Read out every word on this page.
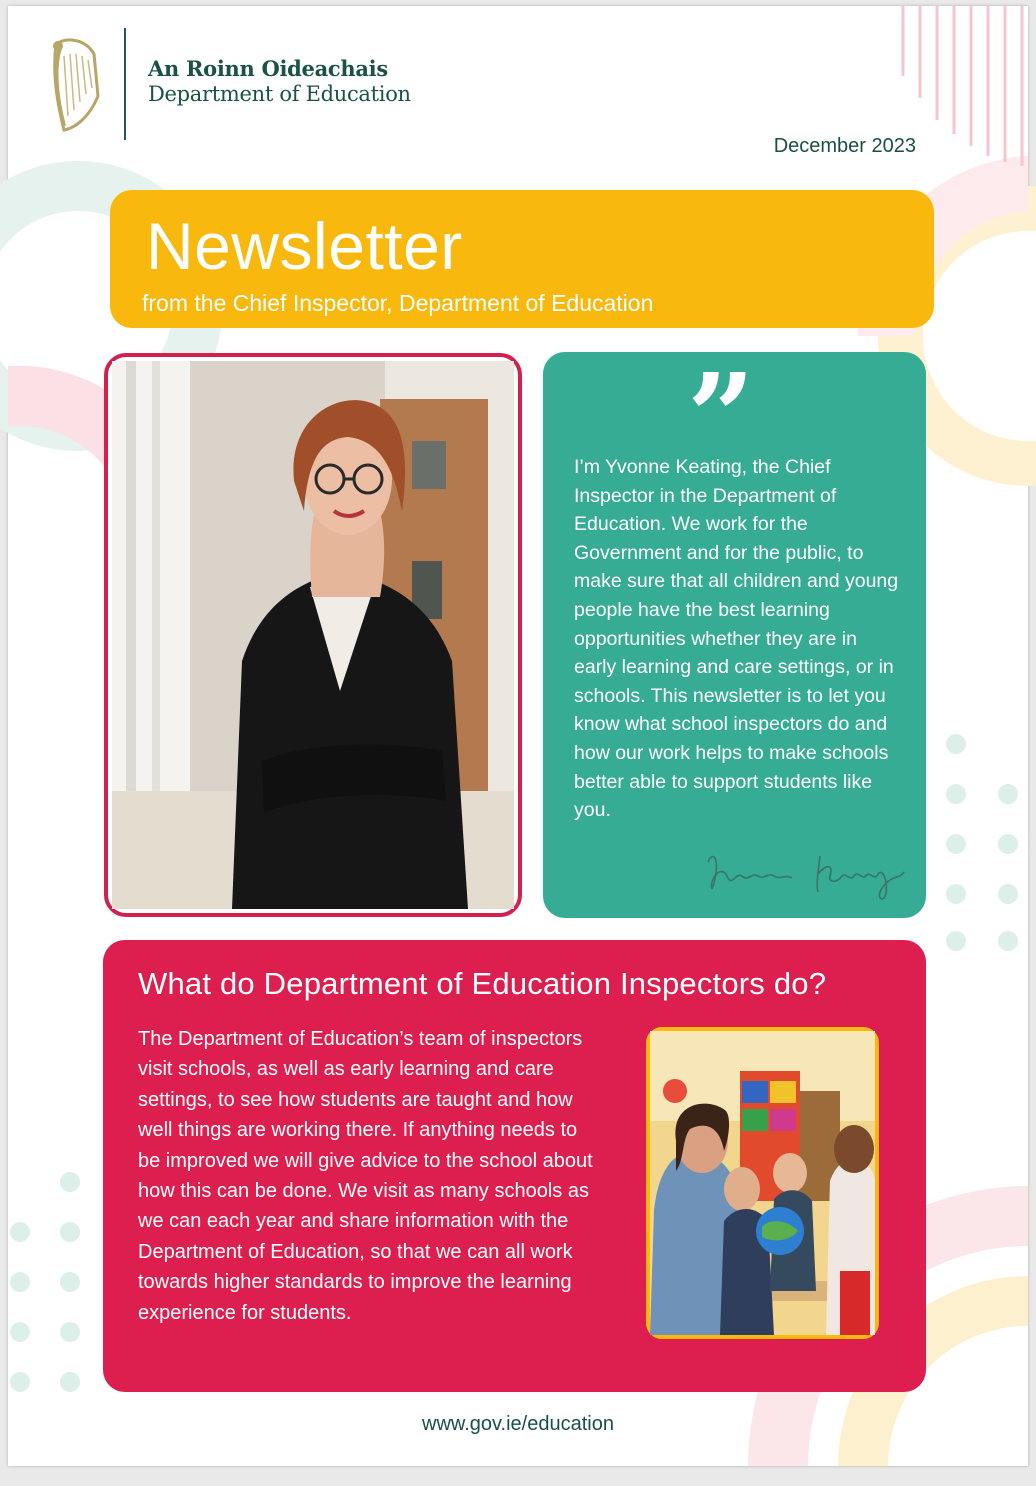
An Roinn Oideachais
Department of Education
December 2023
Newsletter
from the Chief Inspector, Department of Education
”
I’m Yvonne Keating, the Chief Inspector in the Department of Education. We work for the Government and for the public, to make sure that all children and young people have the best learning opportunities whether they are in early learning and care settings, or in schools. This newsletter is to let you know what school inspectors do and how our work helps to make schools better able to support students like you.
Yvonne Keating
What do Department of Education Inspectors do?
The Department of Education’s team of inspectors visit schools, as well as early learning and care settings, to see how students are taught and how well things are working there. If anything needs to be improved we will give advice to the school about how this can be done. We visit as many schools as we can each year and share information with the Department of Education, so that we can all work towards higher standards to improve the learning experience for students.
www.gov.ie/education
